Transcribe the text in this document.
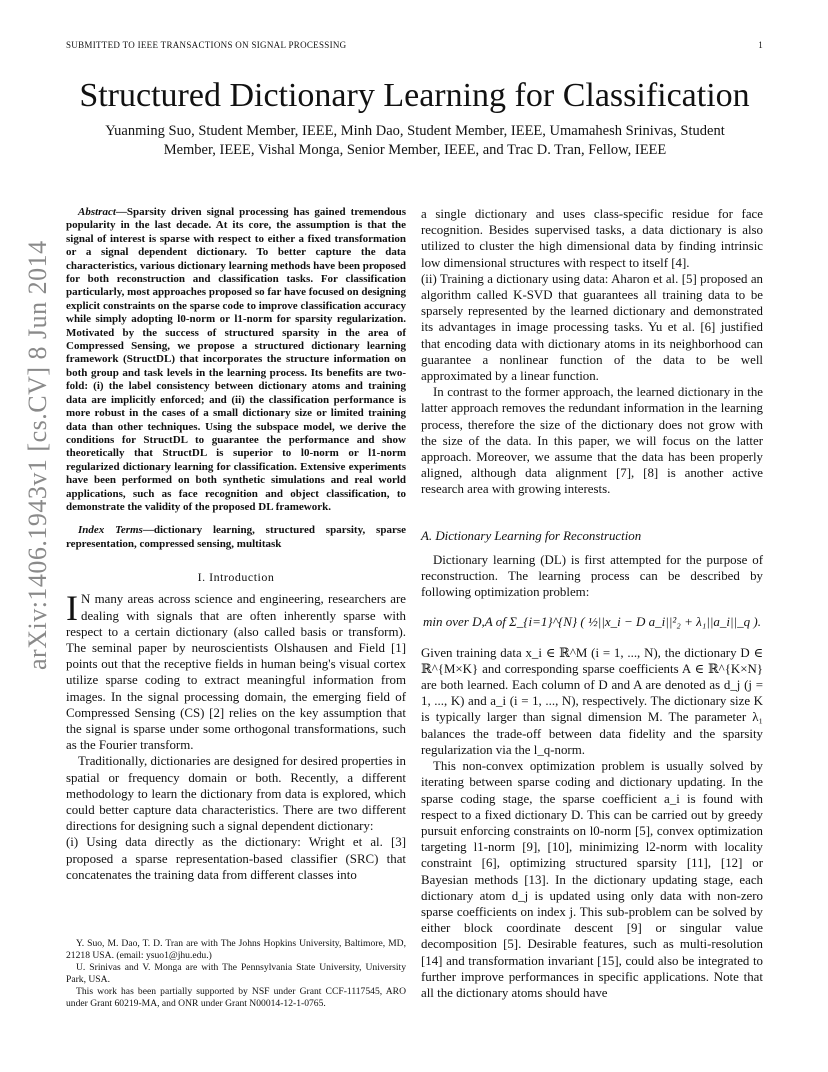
SUBMITTED TO IEEE TRANSACTIONS ON SIGNAL PROCESSING	1
arXiv:1406.1943v1 [cs.CV] 8 Jun 2014
Structured Dictionary Learning for Classification
Yuanming Suo, Student Member, IEEE, Minh Dao, Student Member, IEEE, Umamahesh Srinivas, Student
Member, IEEE, Vishal Monga, Senior Member, IEEE, and Trac D. Tran, Fellow, IEEE

Abstract—Sparsity driven signal processing has gained tremendous popularity in the last decade. At its core, the assumption is that the signal of interest is sparse with respect to either a fixed transformation or a signal dependent dictionary. To better capture the data characteristics, various dictionary learning methods have been proposed for both reconstruction and classification tasks. For classification particularly, most approaches proposed so far have focused on designing explicit constraints on the sparse code to improve classification accuracy while simply adopting l0-norm or l1-norm for sparsity regularization. Motivated by the success of structured sparsity in the area of Compressed Sensing, we propose a structured dictionary learning framework (StructDL) that incorporates the structure information on both group and task levels in the learning process. Its benefits are two-fold: (i) the label consistency between dictionary atoms and training data are implicitly enforced; and (ii) the classification performance is more robust in the cases of a small dictionary size or limited training data than other techniques. Using the subspace model, we derive the conditions for StructDL to guarantee the performance and show theoretically that StructDL is superior to l0-norm or l1-norm regularized dictionary learning for classification. Extensive experiments have been performed on both synthetic simulations and real world applications, such as face recognition and object classification, to demonstrate the validity of the proposed DL framework.

Index Terms—dictionary learning, structured sparsity, sparse representation, compressed sensing, multitask

I. Introduction

I N many areas across science and engineering, researchers are dealing with signals that are often inherently sparse with respect to a certain dictionary (also called basis or transform). The seminal paper by neuroscientists Olshausen and Field [1] points out that the receptive fields in human being's visual cortex utilize sparse coding to extract meaningful information from images. In the signal processing domain, the emerging field of Compressed Sensing (CS) [2] relies on the key assumption that the signal is sparse under some orthogonal transformations, such as the Fourier transform.

Traditionally, dictionaries are designed for desired properties in spatial or frequency domain or both. Recently, a different methodology to learn the dictionary from data is explored, which could better capture data characteristics. There are two different directions for designing such a signal dependent dictionary:

(i) Using data directly as the dictionary: Wright et al. [3] proposed a sparse representation-based classifier (SRC) that concatenates the training data from different classes into

Y. Suo, M. Dao, T. D. Tran are with The Johns Hopkins University, Baltimore, MD, 21218 USA. (email: ysuo1@jhu.edu.)

U. Srinivas and V. Monga are with The Pennsylvania State University, University Park, USA.

This work has been partially supported by NSF under Grant CCF-1117545, ARO under Grant 60219-MA, and ONR under Grant N00014-12-1-0765.

a single dictionary and uses class-specific residue for face recognition. Besides supervised tasks, a data dictionary is also utilized to cluster the high dimensional data by finding intrinsic low dimensional structures with respect to itself [4].

(ii) Training a dictionary using data: Aharon et al. [5] proposed an algorithm called K-SVD that guarantees all training data to be sparsely represented by the learned dictionary and demonstrated its advantages in image processing tasks. Yu et al. [6] justified that encoding data with dictionary atoms in its neighborhood can guarantee a nonlinear function of the data to be well approximated by a linear function.

In contrast to the former approach, the learned dictionary in the latter approach removes the redundant information in the learning process, therefore the size of the dictionary does not grow with the size of the data. In this paper, we will focus on the latter approach. Moreover, we assume that the data has been properly aligned, although data alignment [7], [8] is another active research area with growing interests.

A. Dictionary Learning for Reconstruction

Dictionary learning (DL) is first attempted for the purpose of reconstruction. The learning process can be described by following optimization problem:

min over D,A of Σ_{i=1}^{N} ( ½||x_i − D a_i||²₂ + λ₁||a_i||_q ).

Given training data x_i ∈ ℝ^M (i = 1, ..., N), the dictionary D ∈ ℝ^{M×K} and corresponding sparse coefficients A ∈ ℝ^{K×N} are both learned. Each column of D and A are denoted as d_j (j = 1, ..., K) and a_i (i = 1, ..., N), respectively. The dictionary size K is typically larger than signal dimension M. The parameter λ₁ balances the trade-off between data fidelity and the sparsity regularization via the l_q-norm.

This non-convex optimization problem is usually solved by iterating between sparse coding and dictionary updating. In the sparse coding stage, the sparse coefficient a_i is found with respect to a fixed dictionary D. This can be carried out by greedy pursuit enforcing constraints on l0-norm [5], convex optimization targeting l1-norm [9], [10], minimizing l2-norm with locality constraint [6], optimizing structured sparsity [11], [12] or Bayesian methods [13]. In the dictionary updating stage, each dictionary atom d_j is updated using only data with non-zero sparse coefficients on index j. This sub-problem can be solved by either block coordinate descent [9] or singular value decomposition [5]. Desirable features, such as multi-resolution [14] and transformation invariant [15], could also be integrated to further improve performances in specific applications. Note that all the dictionary atoms should have
